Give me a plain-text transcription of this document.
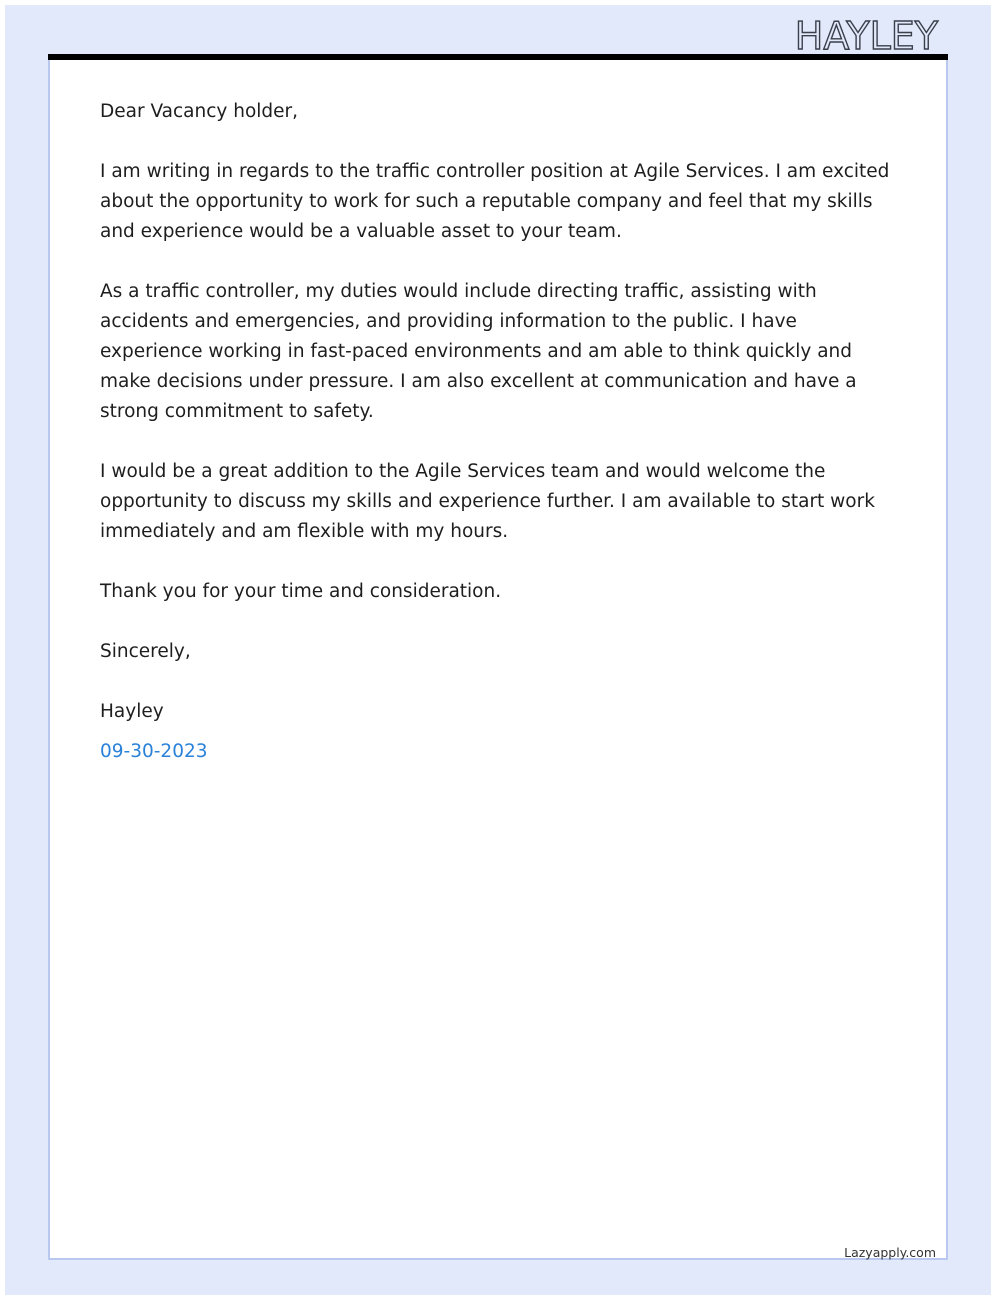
HAYLEY

Dear Vacancy holder,

I am writing in regards to the traffic controller position at Agile Services. I am excited about the opportunity to work for such a reputable company and feel that my skills and experience would be a valuable asset to your team.

As a traffic controller, my duties would include directing traffic, assisting with accidents and emergencies, and providing information to the public. I have experience working in fast-paced environments and am able to think quickly and make decisions under pressure. I am also excellent at communication and have a strong commitment to safety.

I would be a great addition to the Agile Services team and would welcome the opportunity to discuss my skills and experience further. I am available to start work immediately and am flexible with my hours.

Thank you for your time and consideration.

Sincerely,

Hayley

09-30-2023

Lazyapply.com
